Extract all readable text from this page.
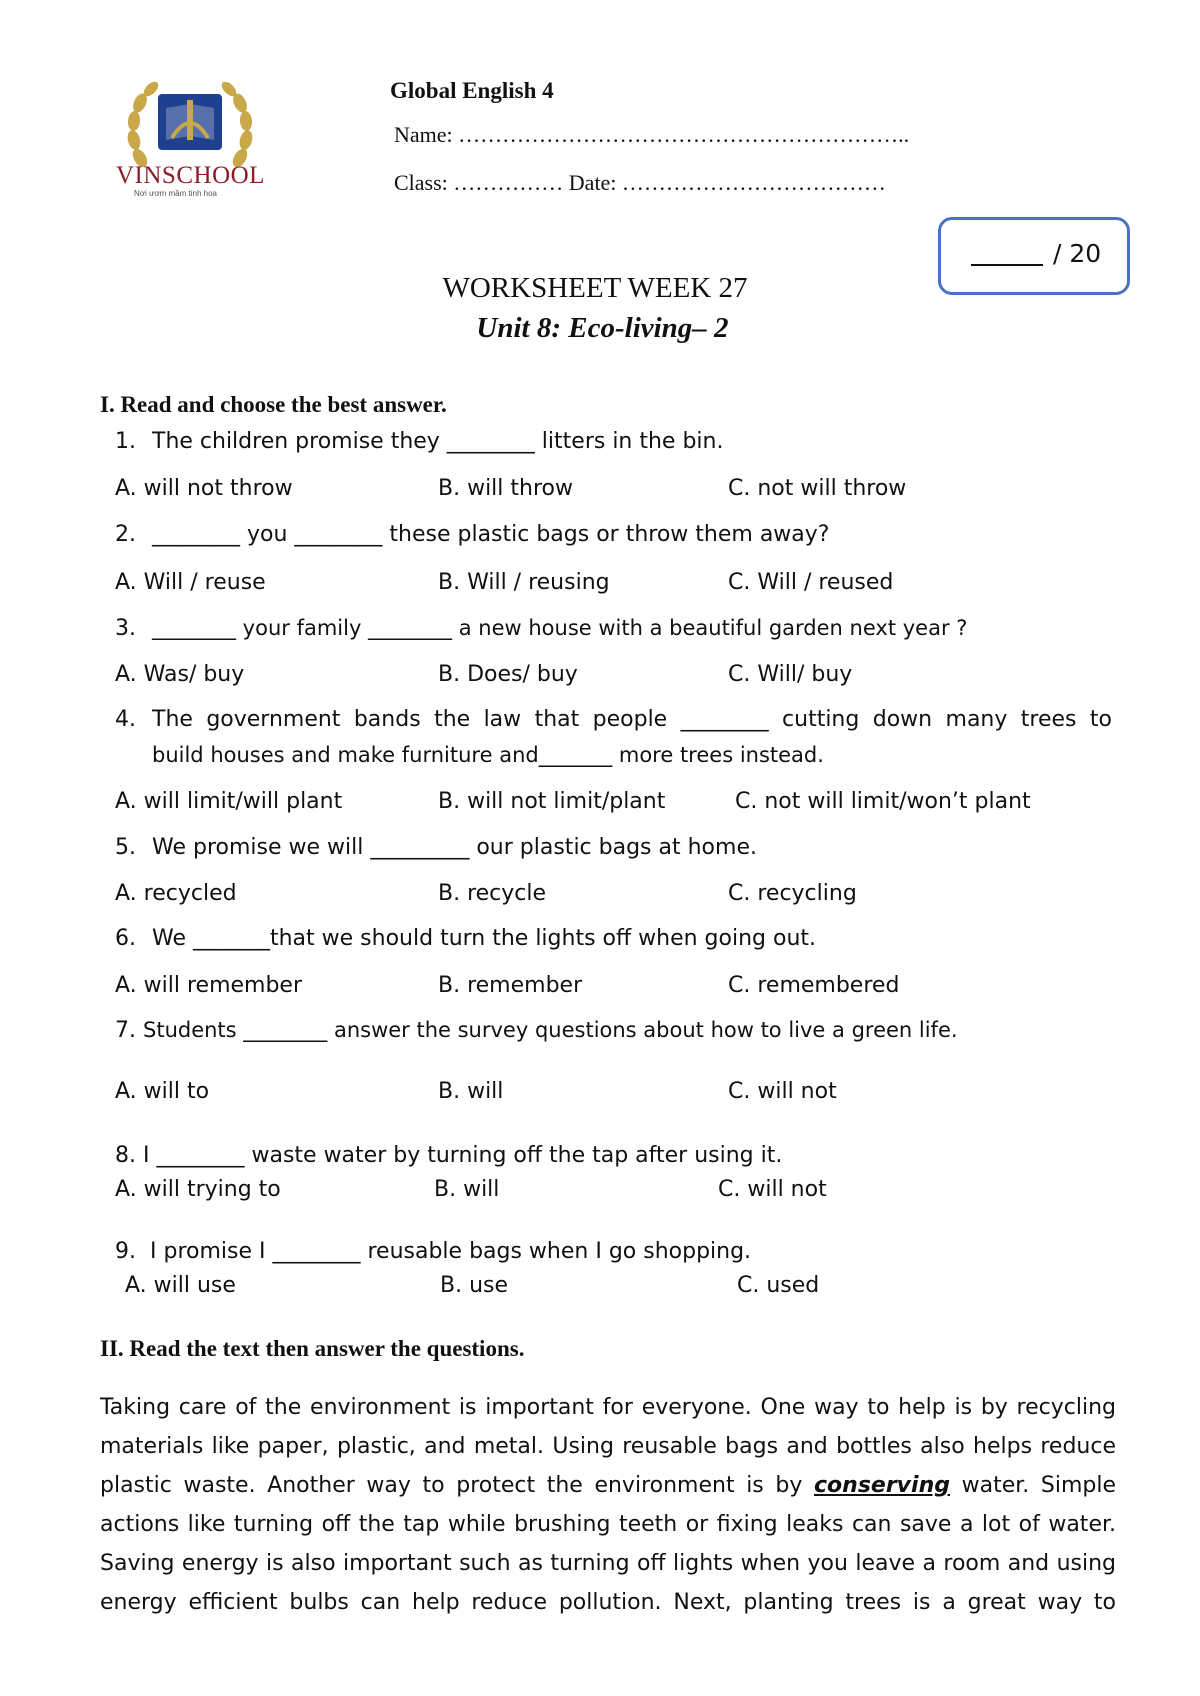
VINSCHOOL
Nơi ươm mầm tinh hoa
Global English 4
Name: ……………………………………………………..
Class: …………… Date: ………………………………
/ 20
WORKSHEET WEEK 27
Unit 8: Eco-living– 2
I. Read and choose the best answer.
1. The children promise they ________ litters in the bin.
A. will not throw	B. will throw	C. not will throw
2. ________ you ________ these plastic bags or throw them away?
A. Will / reuse	B. Will / reusing	C. Will / reused
3. ________ your family ________ a new house with a beautiful garden next year ?
A. Was/ buy	B. Does/ buy	C. Will/ buy
4. The government bands the law that people ________ cutting down many trees to
build houses and make furniture and_______ more trees instead.
A. will limit/will plant	B. will not limit/plant	C. not will limit/won’t plant
5. We promise we will _________ our plastic bags at home.
A. recycled	B. recycle	C. recycling
6. We _______that we should turn the lights off when going out.
A. will remember	B. remember	C. remembered
7. Students ________ answer the survey questions about how to live a green life.
A. will to	B. will	C. will not
8. I ________ waste water by turning off the tap after using it.
A. will trying to	B. will	C. will not
9. I promise I ________ reusable bags when I go shopping.
A. will use	B. use	C. used
II. Read the text then answer the questions.
Taking care of the environment is important for everyone. One way to help is by recycling
materials like paper, plastic, and metal. Using reusable bags and bottles also helps reduce
plastic waste. Another way to protect the environment is by conserving water. Simple
actions like turning off the tap while brushing teeth or fixing leaks can save a lot of water.
Saving energy is also important such as turning off lights when you leave a room and using
energy efficient bulbs can help reduce pollution. Next, planting trees is a great way to
